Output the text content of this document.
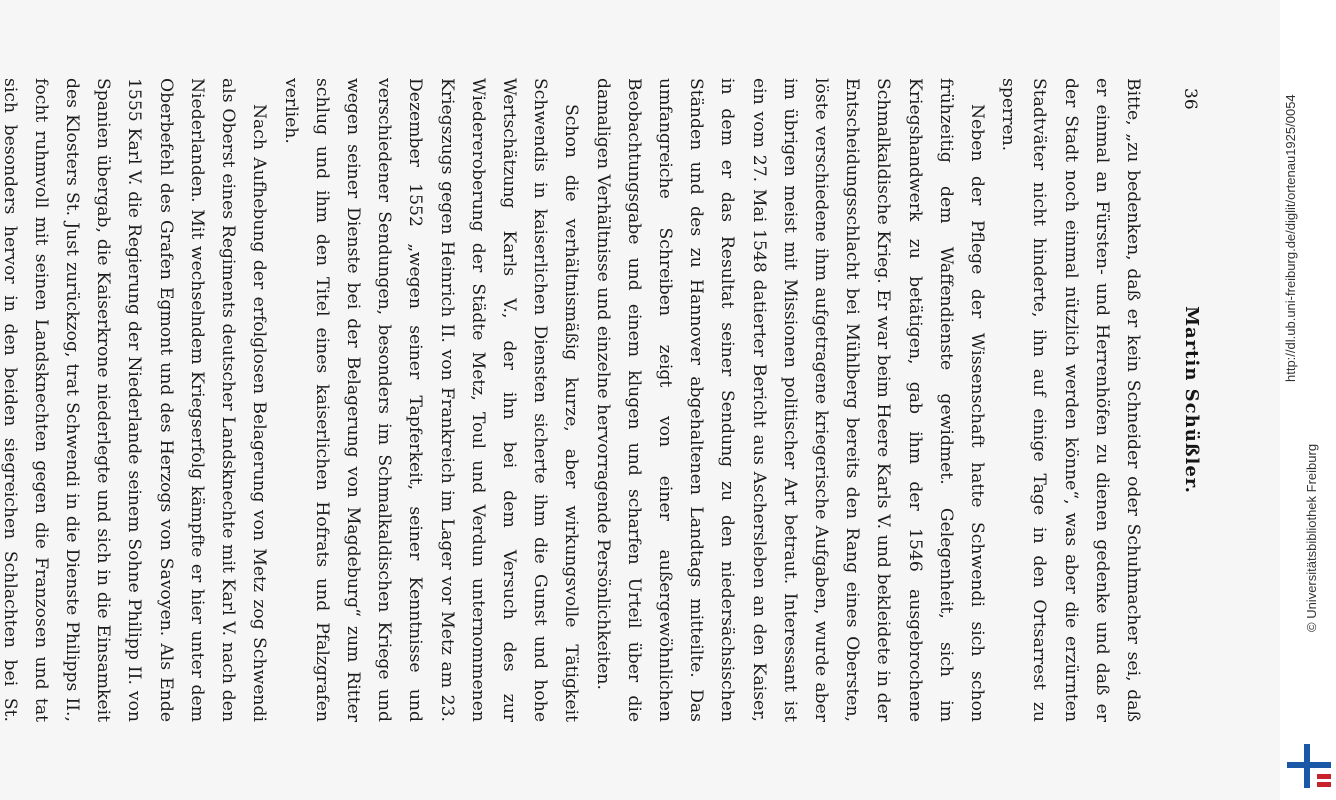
36
Martin Schüßler.

Bitte, „zu bedenken, daß er kein Schneider oder Schuhmacher sei, daß er einmal an Fürsten- und Herrenhöfen zu dienen gedenke und daß er der Stadt noch einmal nützlich werden könne“, was aber die erzürnten Stadtväter nicht hinderte, ihn auf einige Tage in den Ortsarrest zu sperren.

Neben der Pflege der Wissenschaft hatte Schwendi sich schon frühzeitig dem Waffendienste gewidmet. Gelegenheit, sich im Kriegshandwerk zu betätigen, gab ihm der 1546 ausgebrochene Schmalkaldische Krieg. Er war beim Heere Karls V. und bekleidete in der Entscheidungsschlacht bei Mühlberg bereits den Rang eines Obersten, löste verschiedene ihm aufgetragene kriegerische Aufgaben, wurde aber im übrigen meist mit Missionen politischer Art betraut. Interessant ist ein vom 27. Mai 1548 datierter Bericht aus Aschersleben an den Kaiser, in dem er das Resultat seiner Sendung zu den niedersächsischen Ständen und des zu Hannover abgehaltenen Landtags mitteilte. Das umfangreiche Schreiben zeigt von einer außergewöhnlichen Beobachtungsgabe und einem klugen und scharfen Urteil über die damaligen Verhältnisse und einzelne hervorragende Persönlichkeiten.

Schon die verhältnismäßig kurze, aber wirkungsvolle Tätigkeit Schwendis in kaiserlichen Diensten sicherte ihm die Gunst und hohe Wertschätzung Karls V., der ihn bei dem Versuch des zur Wiedereroberung der Städte Metz, Toul und Verdun unternommenen Kriegszugs gegen Heinrich II. von Frankreich im Lager vor Metz am 23. Dezember 1552 „wegen seiner Tapferkeit, seiner Kenntnisse und verschiedener Sendungen, besonders im Schmalkaldischen Kriege und wegen seiner Dienste bei der Belagerung von Magdeburg“ zum Ritter schlug und ihm den Titel eines kaiserlichen Hofrats und Pfalzgrafen verlieh.

Nach Aufhebung der erfolglosen Belagerung von Metz zog Schwendi als Oberst eines Regiments deutscher Landsknechte mit Karl V. nach den Niederlanden. Mit wechselndem Kriegserfolg kämpfte er hier unter dem Oberbefehl des Grafen Egmont und des Herzogs von Savoyen. Als Ende 1555 Karl V. die Regierung der Niederlande seinem Sohne Philipp II. von Spanien übergab, die Kaiserkrone niederlegte und sich in die Einsamkeit des Klosters St. Just zurückzog, trat Schwendi in die Dienste Philipps II., focht ruhmvoll mit seinen Landsknechten gegen die Franzosen und tat sich besonders hervor in den beiden siegreichen Schlachten bei St.

http://dl.ub.uni-freiburg.de/diglit/ortenau1925/0054
© Universitätsbibliothek Freiburg
